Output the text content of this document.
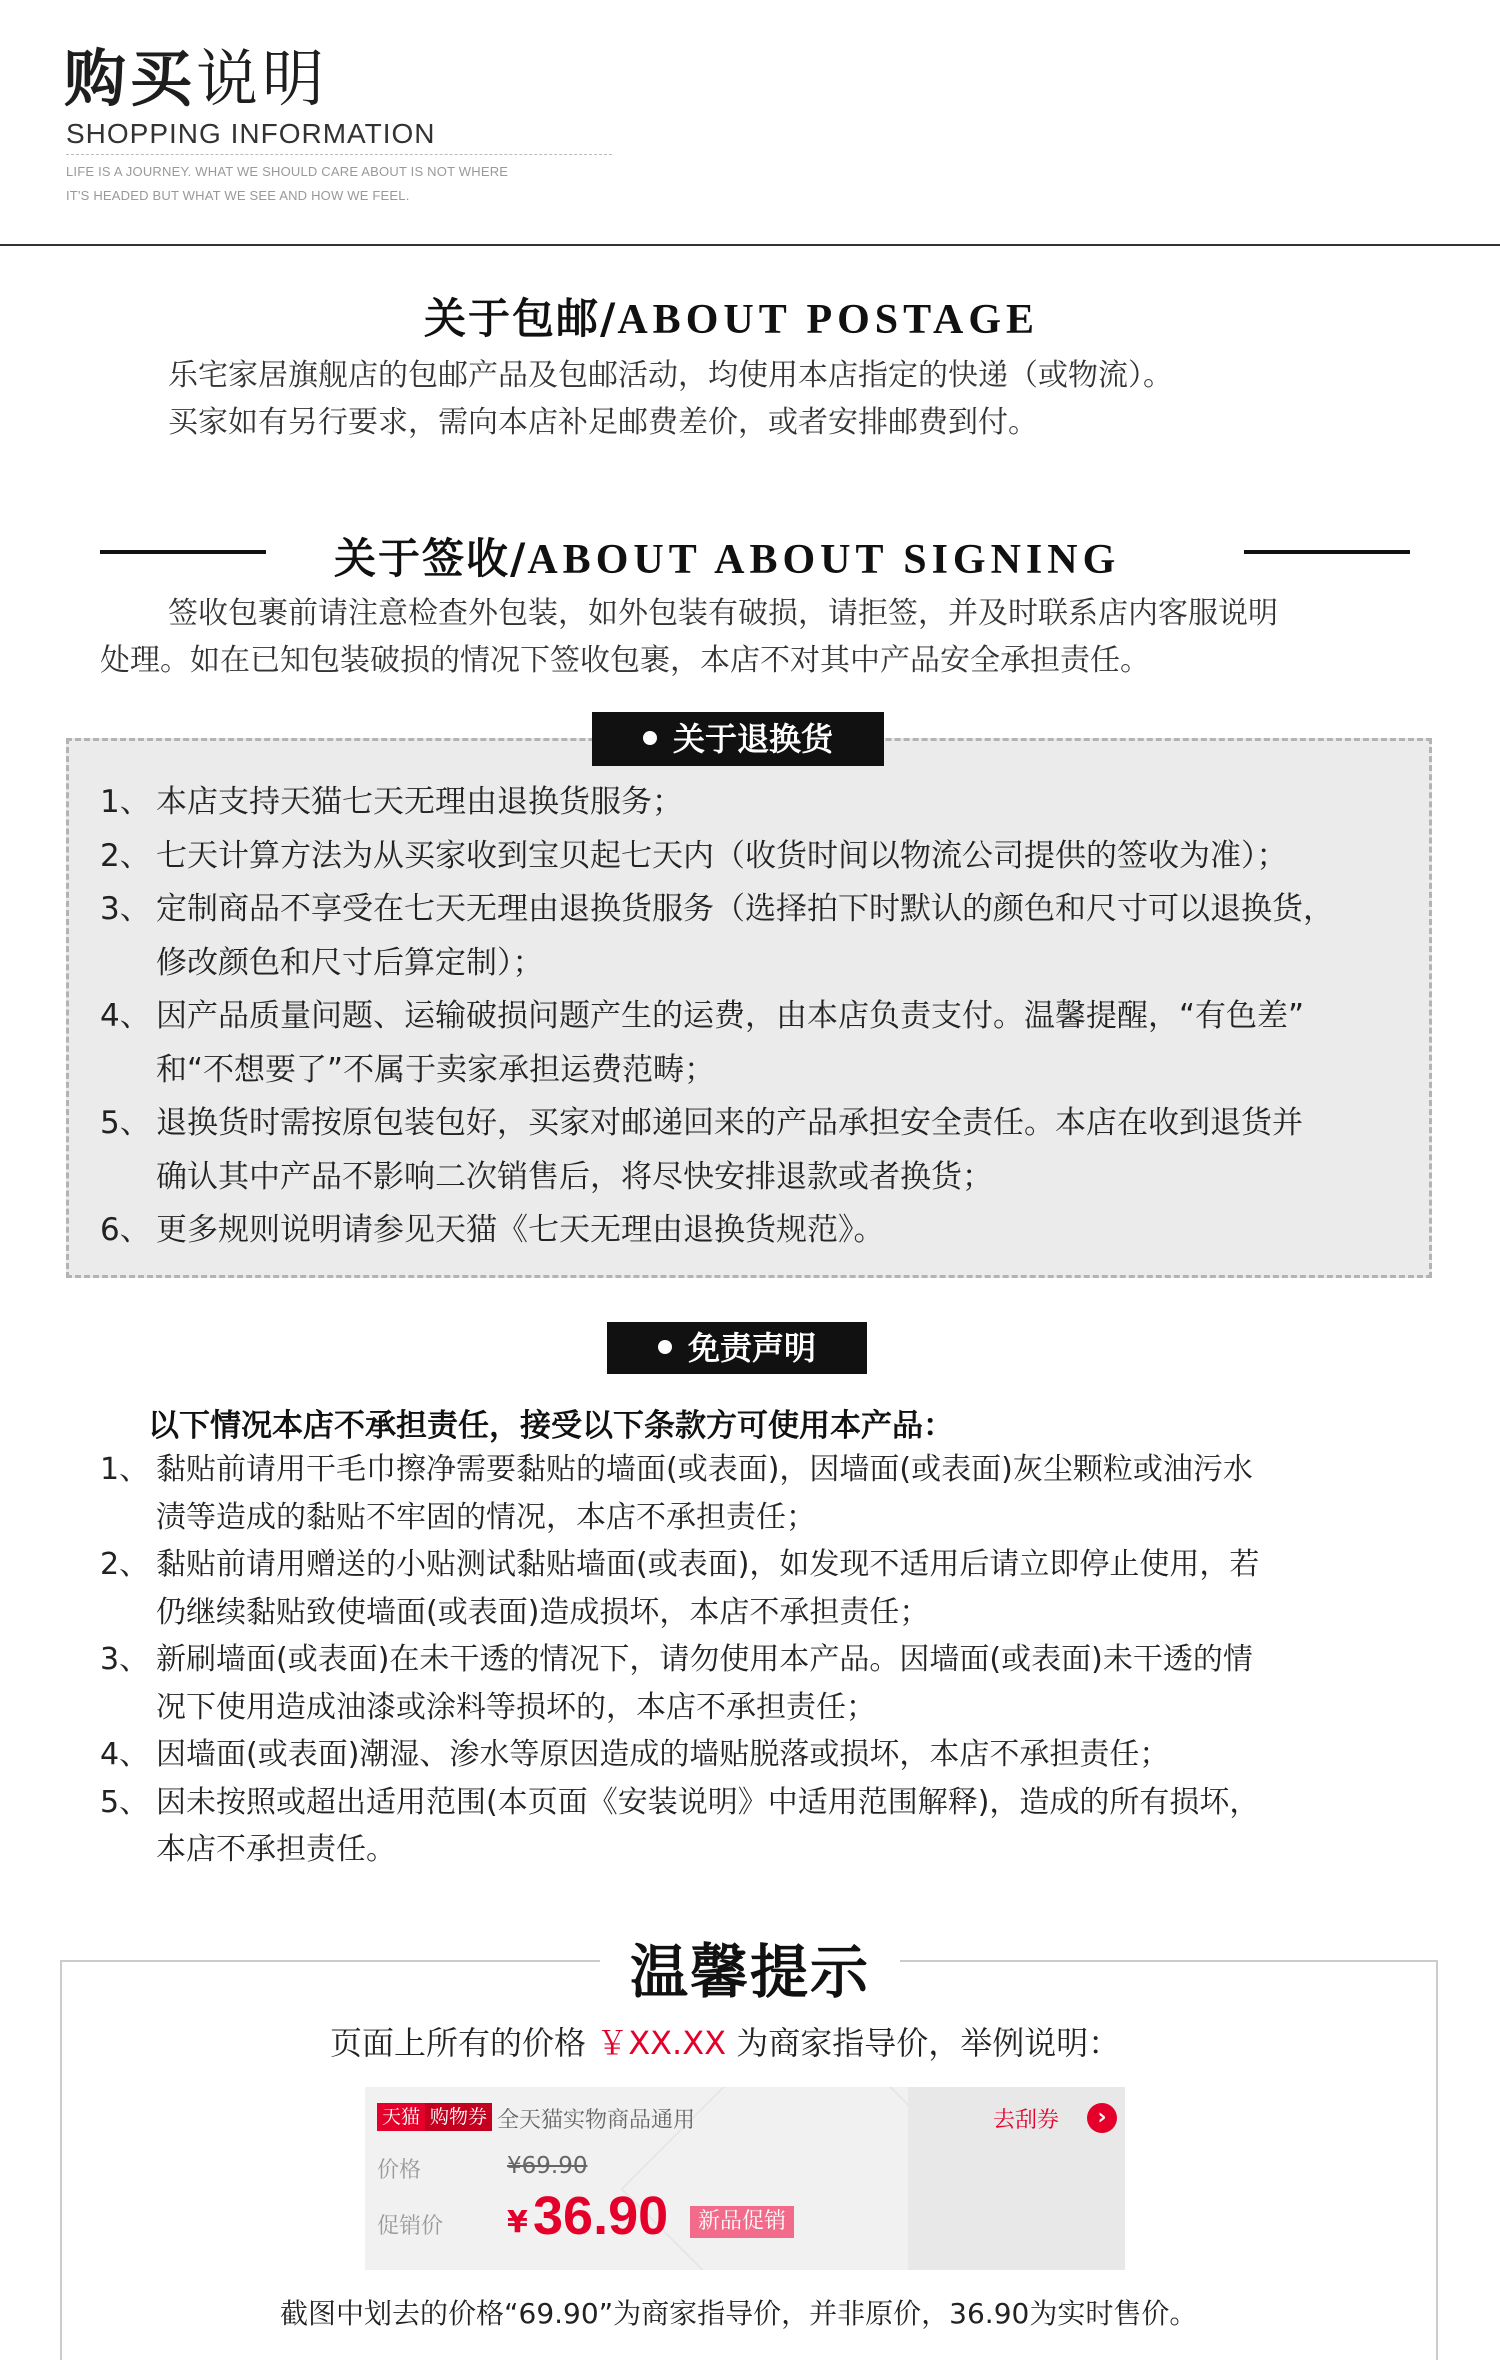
购买说明
SHOPPING INFORMATION
LIFE IS A JOURNEY. WHAT WE SHOULD CARE ABOUT IS NOT WHERE
IT'S HEADED BUT WHAT WE SEE AND HOW WE FEEL.
关于包邮/ABOUT POSTAGE
乐宅家居旗舰店的包邮产品及包邮活动，均使用本店指定的快递（或物流）。
买家如有另行要求，需向本店补足邮费差价，或者安排邮费到付。
关于签收/ABOUT ABOUT SIGNING
签收包裹前请注意检查外包装，如外包装有破损，请拒签，并及时联系店内客服说明
处理。如在已知包装破损的情况下签收包裹，本店不对其中产品安全承担责任。
关于退换货
1、 本店支持天猫七天无理由退换货服务；
2、 七天计算方法为从买家收到宝贝起七天内（收货时间以物流公司提供的签收为准）；
3、 定制商品不享受在七天无理由退换货服务（选择拍下时默认的颜色和尺寸可以退换货，
修改颜色和尺寸后算定制）；
4、 因产品质量问题、运输破损问题产生的运费，由本店负责支付。温馨提醒，“有色差”
和“不想要了”不属于卖家承担运费范畴；
5、 退换货时需按原包装包好，买家对邮递回来的产品承担安全责任。本店在收到退货并
确认其中产品不影响二次销售后，将尽快安排退款或者换货；
6、 更多规则说明请参见天猫《七天无理由退换货规范》。
免责声明
以下情况本店不承担责任，接受以下条款方可使用本产品：
1、 黏贴前请用干毛巾擦净需要黏贴的墙面(或表面)，因墙面(或表面)灰尘颗粒或油污水
渍等造成的黏贴不牢固的情况，本店不承担责任；
2、 黏贴前请用赠送的小贴测试黏贴墙面(或表面)，如发现不适用后请立即停止使用，若
仍继续黏贴致使墙面(或表面)造成损坏，本店不承担责任；
3、 新刷墙面(或表面)在未干透的情况下，请勿使用本产品。因墙面(或表面)未干透的情
况下使用造成油漆或涂料等损坏的，本店不承担责任；
4、 因墙面(或表面)潮湿、渗水等原因造成的墙贴脱落或损坏，本店不承担责任；
5、 因未按照或超出适用范围(本页面《安装说明》中适用范围解释)，造成的所有损坏，
本店不承担责任。
温馨提示
页面上所有的价格 ￥XX.XX 为商家指导价，举例说明：
天猫 购物券 全天猫实物商品通用	去刮券	›
价格	¥69.90
促销价 ¥ 36.90	新品促销
截图中划去的价格“69.90”为商家指导价，并非原价，36.90为实时售价。
